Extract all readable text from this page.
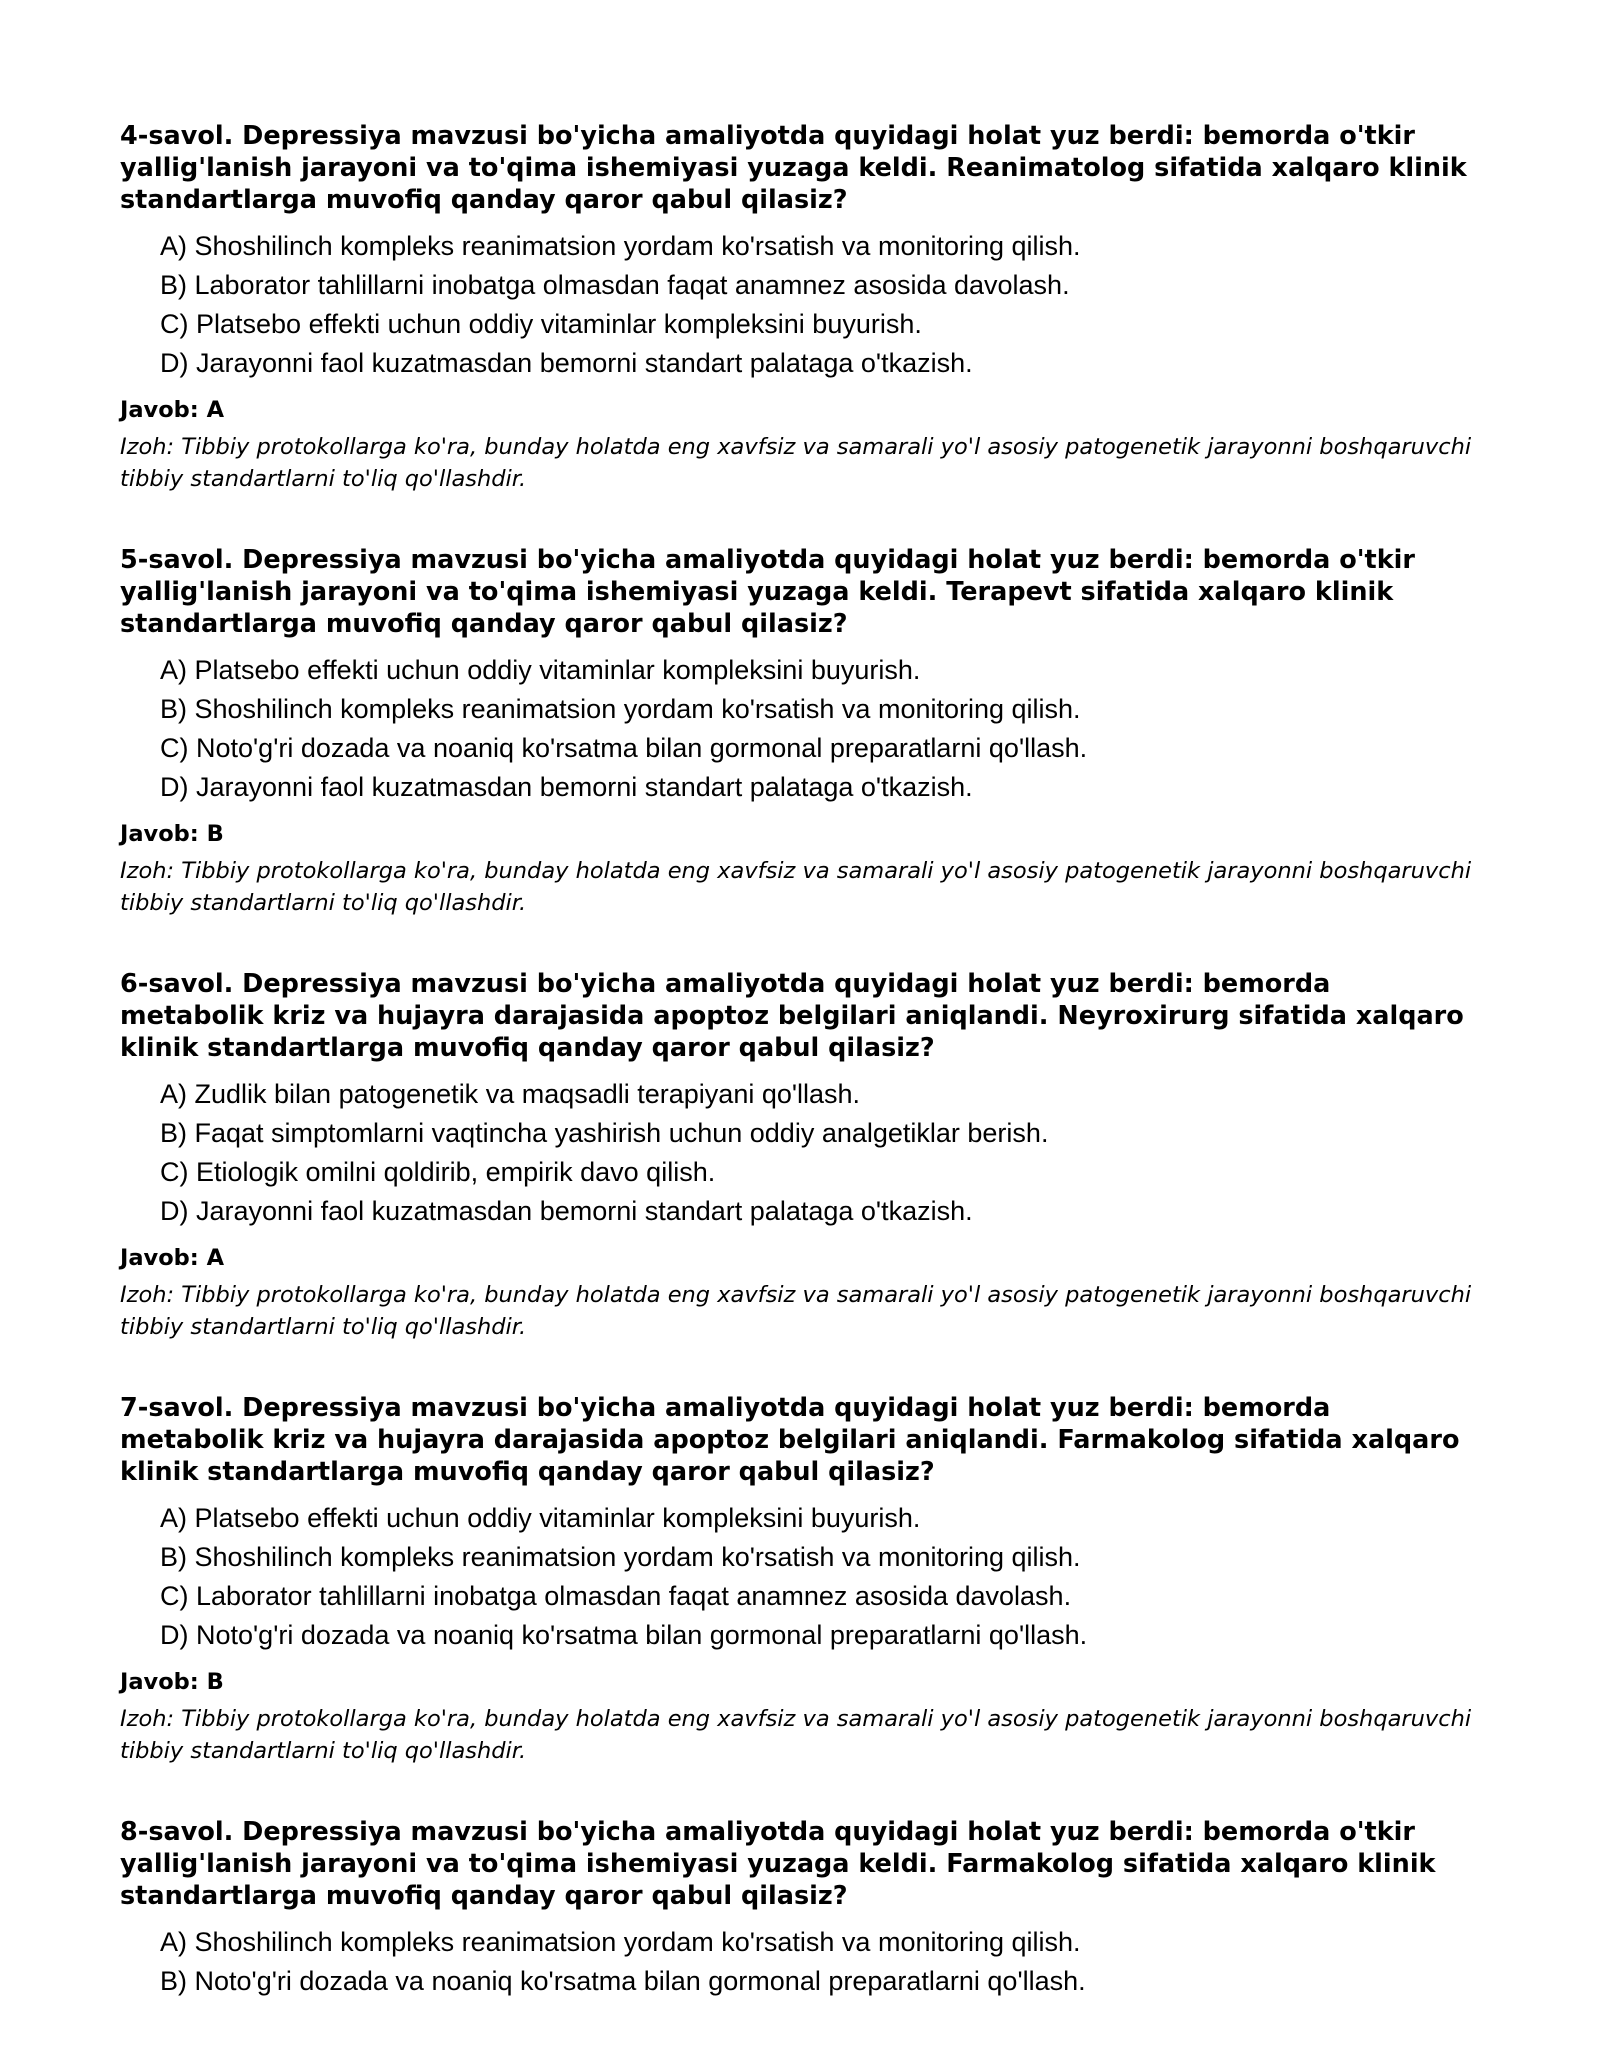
4-savol. Depressiya mavzusi bo'yicha amaliyotda quyidagi holat yuz berdi: bemorda o'tkir yallig'lanish jarayoni va to'qima ishemiyasi yuzaga keldi. Reanimatolog sifatida xalqaro klinik standartlarga muvofiq qanday qaror qabul qilasiz?
A) Shoshilinch kompleks reanimatsion yordam ko'rsatish va monitoring qilish.
B) Laborator tahlillarni inobatga olmasdan faqat anamnez asosida davolash.
C) Platsebo effekti uchun oddiy vitaminlar kompleksini buyurish.
D) Jarayonni faol kuzatmasdan bemorni standart palataga o'tkazish.
Javob: A
Izoh: Tibbiy protokollarga ko'ra, bunday holatda eng xavfsiz va samarali yo'l asosiy patogenetik jarayonni boshqaruvchi tibbiy standartlarni to'liq qo'llashdir.
5-savol. Depressiya mavzusi bo'yicha amaliyotda quyidagi holat yuz berdi: bemorda o'tkir yallig'lanish jarayoni va to'qima ishemiyasi yuzaga keldi. Terapevt sifatida xalqaro klinik standartlarga muvofiq qanday qaror qabul qilasiz?
A) Platsebo effekti uchun oddiy vitaminlar kompleksini buyurish.
B) Shoshilinch kompleks reanimatsion yordam ko'rsatish va monitoring qilish.
C) Noto'g'ri dozada va noaniq ko'rsatma bilan gormonal preparatlarni qo'llash.
D) Jarayonni faol kuzatmasdan bemorni standart palataga o'tkazish.
Javob: B
Izoh: Tibbiy protokollarga ko'ra, bunday holatda eng xavfsiz va samarali yo'l asosiy patogenetik jarayonni boshqaruvchi tibbiy standartlarni to'liq qo'llashdir.
6-savol. Depressiya mavzusi bo'yicha amaliyotda quyidagi holat yuz berdi: bemorda metabolik kriz va hujayra darajasida apoptoz belgilari aniqlandi. Neyroxirurg sifatida xalqaro klinik standartlarga muvofiq qanday qaror qabul qilasiz?
A) Zudlik bilan patogenetik va maqsadli terapiyani qo'llash.
B) Faqat simptomlarni vaqtincha yashirish uchun oddiy analgetiklar berish.
C) Etiologik omilni qoldirib, empirik davo qilish.
D) Jarayonni faol kuzatmasdan bemorni standart palataga o'tkazish.
Javob: A
Izoh: Tibbiy protokollarga ko'ra, bunday holatda eng xavfsiz va samarali yo'l asosiy patogenetik jarayonni boshqaruvchi tibbiy standartlarni to'liq qo'llashdir.
7-savol. Depressiya mavzusi bo'yicha amaliyotda quyidagi holat yuz berdi: bemorda metabolik kriz va hujayra darajasida apoptoz belgilari aniqlandi. Farmakolog sifatida xalqaro klinik standartlarga muvofiq qanday qaror qabul qilasiz?
A) Platsebo effekti uchun oddiy vitaminlar kompleksini buyurish.
B) Shoshilinch kompleks reanimatsion yordam ko'rsatish va monitoring qilish.
C) Laborator tahlillarni inobatga olmasdan faqat anamnez asosida davolash.
D) Noto'g'ri dozada va noaniq ko'rsatma bilan gormonal preparatlarni qo'llash.
Javob: B
Izoh: Tibbiy protokollarga ko'ra, bunday holatda eng xavfsiz va samarali yo'l asosiy patogenetik jarayonni boshqaruvchi tibbiy standartlarni to'liq qo'llashdir.
8-savol. Depressiya mavzusi bo'yicha amaliyotda quyidagi holat yuz berdi: bemorda o'tkir yallig'lanish jarayoni va to'qima ishemiyasi yuzaga keldi. Farmakolog sifatida xalqaro klinik standartlarga muvofiq qanday qaror qabul qilasiz?
A) Shoshilinch kompleks reanimatsion yordam ko'rsatish va monitoring qilish.
B) Noto'g'ri dozada va noaniq ko'rsatma bilan gormonal preparatlarni qo'llash.
